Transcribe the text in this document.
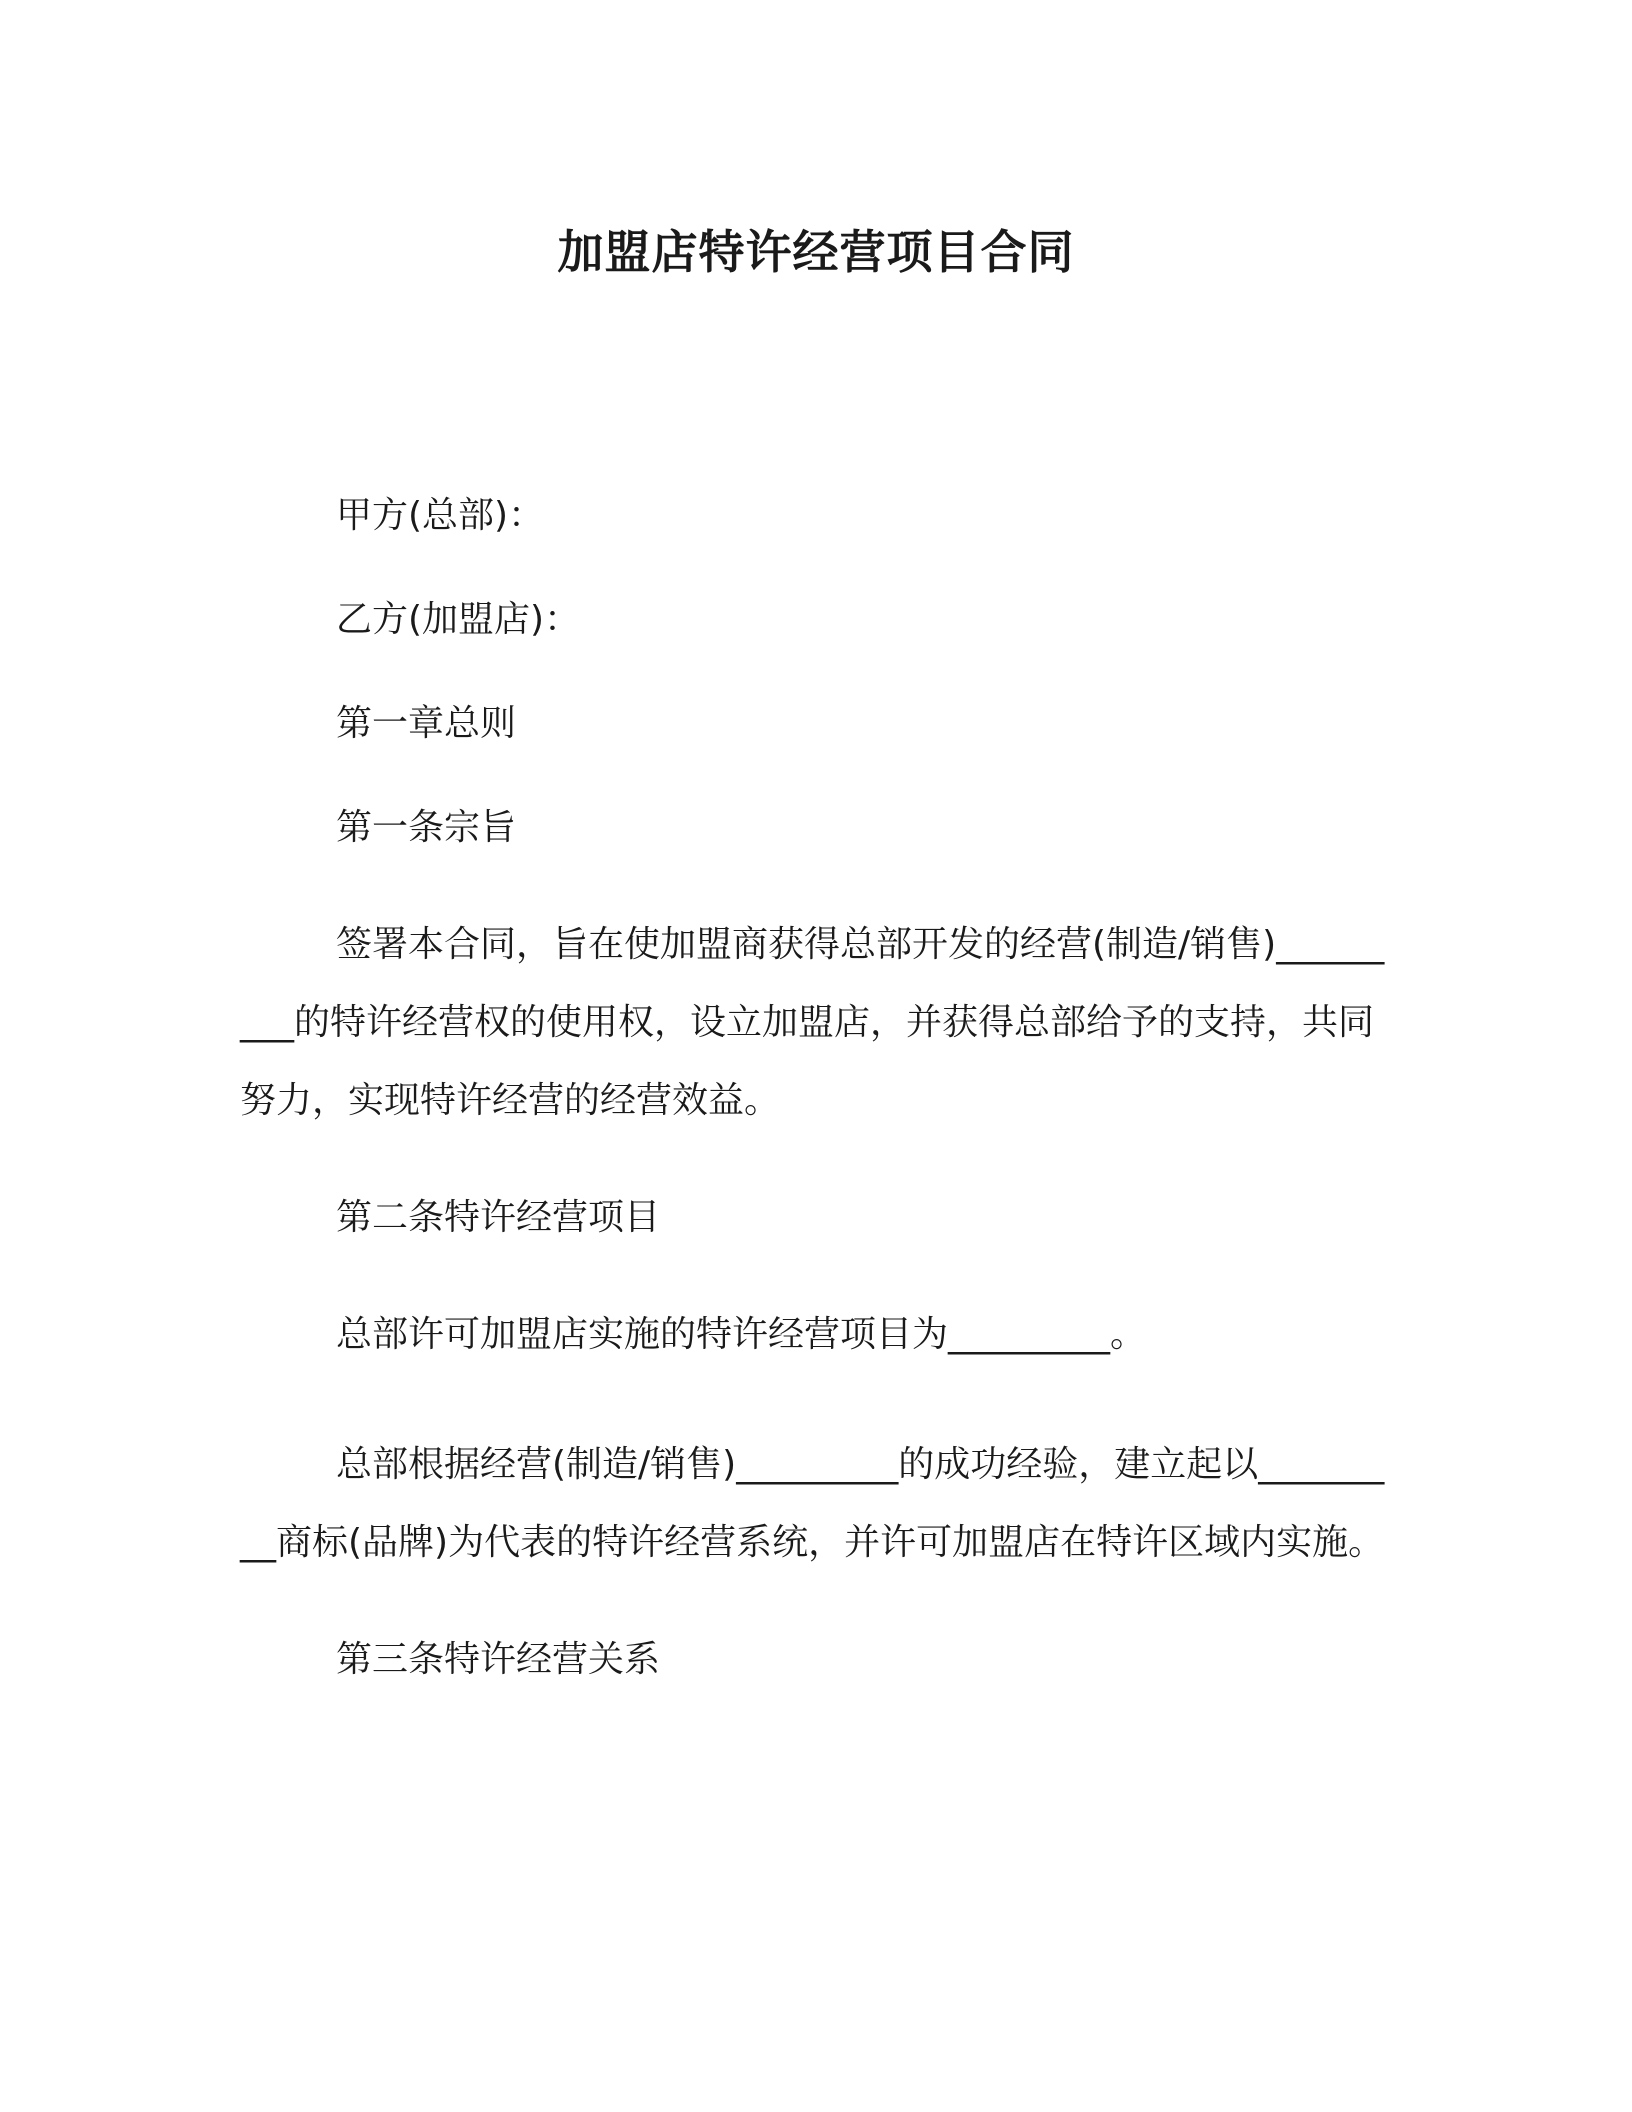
加盟店特许经营项目合同

甲方(总部)：

乙方(加盟店)：

第一章总则

第一条宗旨

签署本合同，旨在使加盟商获得总部开发的经营(制造/销售)_________的特许经营权的使用权，设立加盟店，并获得总部给予的支持，共同努力，实现特许经营的经营效益。

第二条特许经营项目

总部许可加盟店实施的特许经营项目为_________。

总部根据经营(制造/销售)_________的成功经验，建立起以_________商标(品牌)为代表的特许经营系统，并许可加盟店在特许区域内实施。

第三条特许经营关系
